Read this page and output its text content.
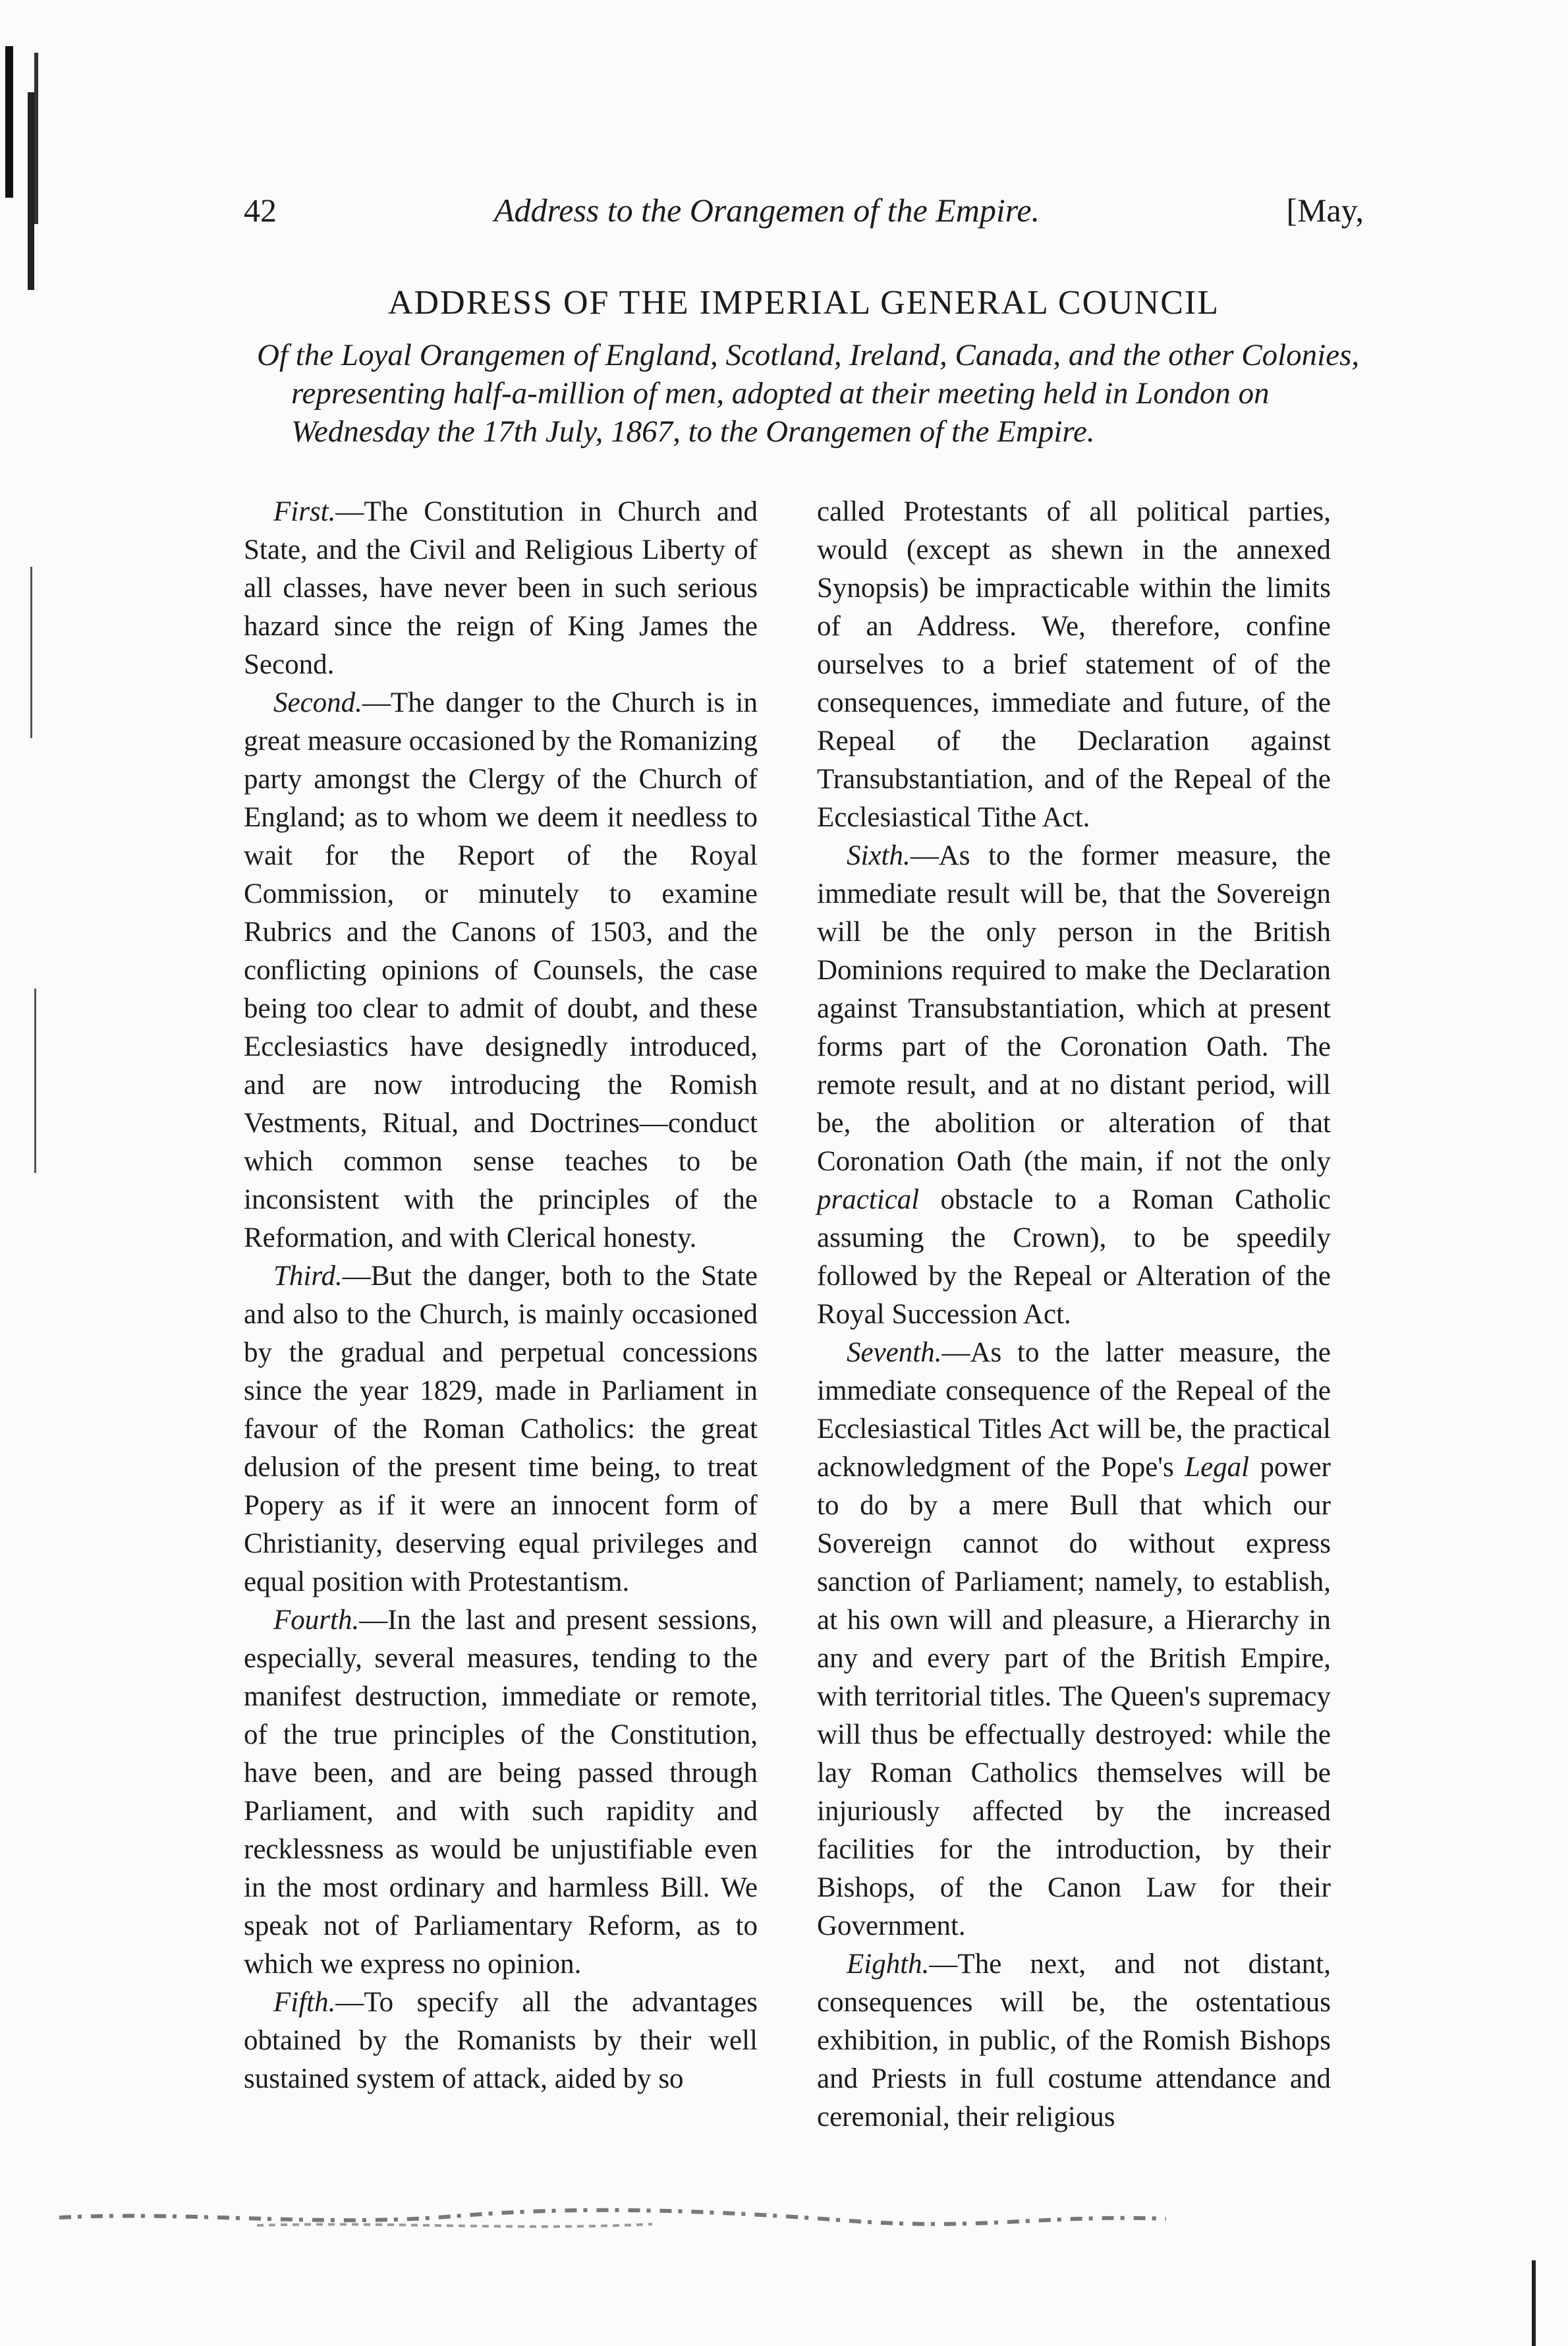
42	Address to the Orangemen of the Empire.	[May,
ADDRESS OF THE IMPERIAL GENERAL COUNCIL
Of the Loyal Orangemen of England, Scotland, Ireland, Canada, and the other Colonies, representing half-a-million of men, adopted at their meeting held in London on Wednesday the 17th July, 1867, to the Orangemen of the Empire.

First.—The Constitution in Church and State, and the Civil and Religious Liberty of all classes, have never been in such serious hazard since the reign of King James the Second.

Second.—The danger to the Church is in great measure occasioned by the Romanizing party amongst the Clergy of the Church of England; as to whom we deem it needless to wait for the Report of the Royal Commission, or minutely to examine Rubrics and the Canons of 1503, and the conflicting opinions of Counsels, the case being too clear to admit of doubt, and these Ecclesiastics have designedly introduced, and are now introducing the Romish Vestments, Ritual, and Doctrines—conduct which common sense teaches to be inconsistent with the principles of the Reformation, and with Clerical honesty.

Third.—But the danger, both to the State and also to the Church, is mainly occasioned by the gradual and perpetual concessions since the year 1829, made in Parliament in favour of the Roman Catholics: the great delusion of the present time being, to treat Popery as if it were an innocent form of Christianity, deserving equal privileges and equal position with Protestantism.

Fourth.—In the last and present sessions, especially, several measures, tending to the manifest destruction, immediate or remote, of the true principles of the Constitution, have been, and are being passed through Parliament, and with such rapidity and recklessness as would be unjustifiable even in the most ordinary and harmless Bill. We speak not of Parliamentary Reform, as to which we express no opinion.

Fifth.—To specify all the advantages obtained by the Romanists by their well sustained system of attack, aided by so

called Protestants of all political parties, would (except as shewn in the annexed Synopsis) be impracticable within the limits of an Address. We, therefore, confine ourselves to a brief statement of of the consequences, immediate and future, of the Repeal of the Declaration against Transubstantiation, and of the Repeal of the Ecclesiastical Tithe Act.

Sixth.—As to the former measure, the immediate result will be, that the Sovereign will be the only person in the British Dominions required to make the Declaration against Transubstantiation, which at present forms part of the Coronation Oath. The remote result, and at no distant period, will be, the abolition or alteration of that Coronation Oath (the main, if not the only practical obstacle to a Roman Catholic assuming the Crown), to be speedily followed by the Repeal or Alteration of the Royal Succession Act.

Seventh.—As to the latter measure, the immediate consequence of the Repeal of the Ecclesiastical Titles Act will be, the practical acknowledgment of the Pope's Legal power to do by a mere Bull that which our Sovereign cannot do without express sanction of Parliament; namely, to establish, at his own will and pleasure, a Hierarchy in any and every part of the British Empire, with territorial titles. The Queen's supremacy will thus be effectually destroyed: while the lay Roman Catholics themselves will be injuriously affected by the increased facilities for the introduction, by their Bishops, of the Canon Law for their Government.

Eighth.—The next, and not distant, consequences will be, the ostentatious exhibition, in public, of the Romish Bishops and Priests in full costume attendance and ceremonial, their religious
